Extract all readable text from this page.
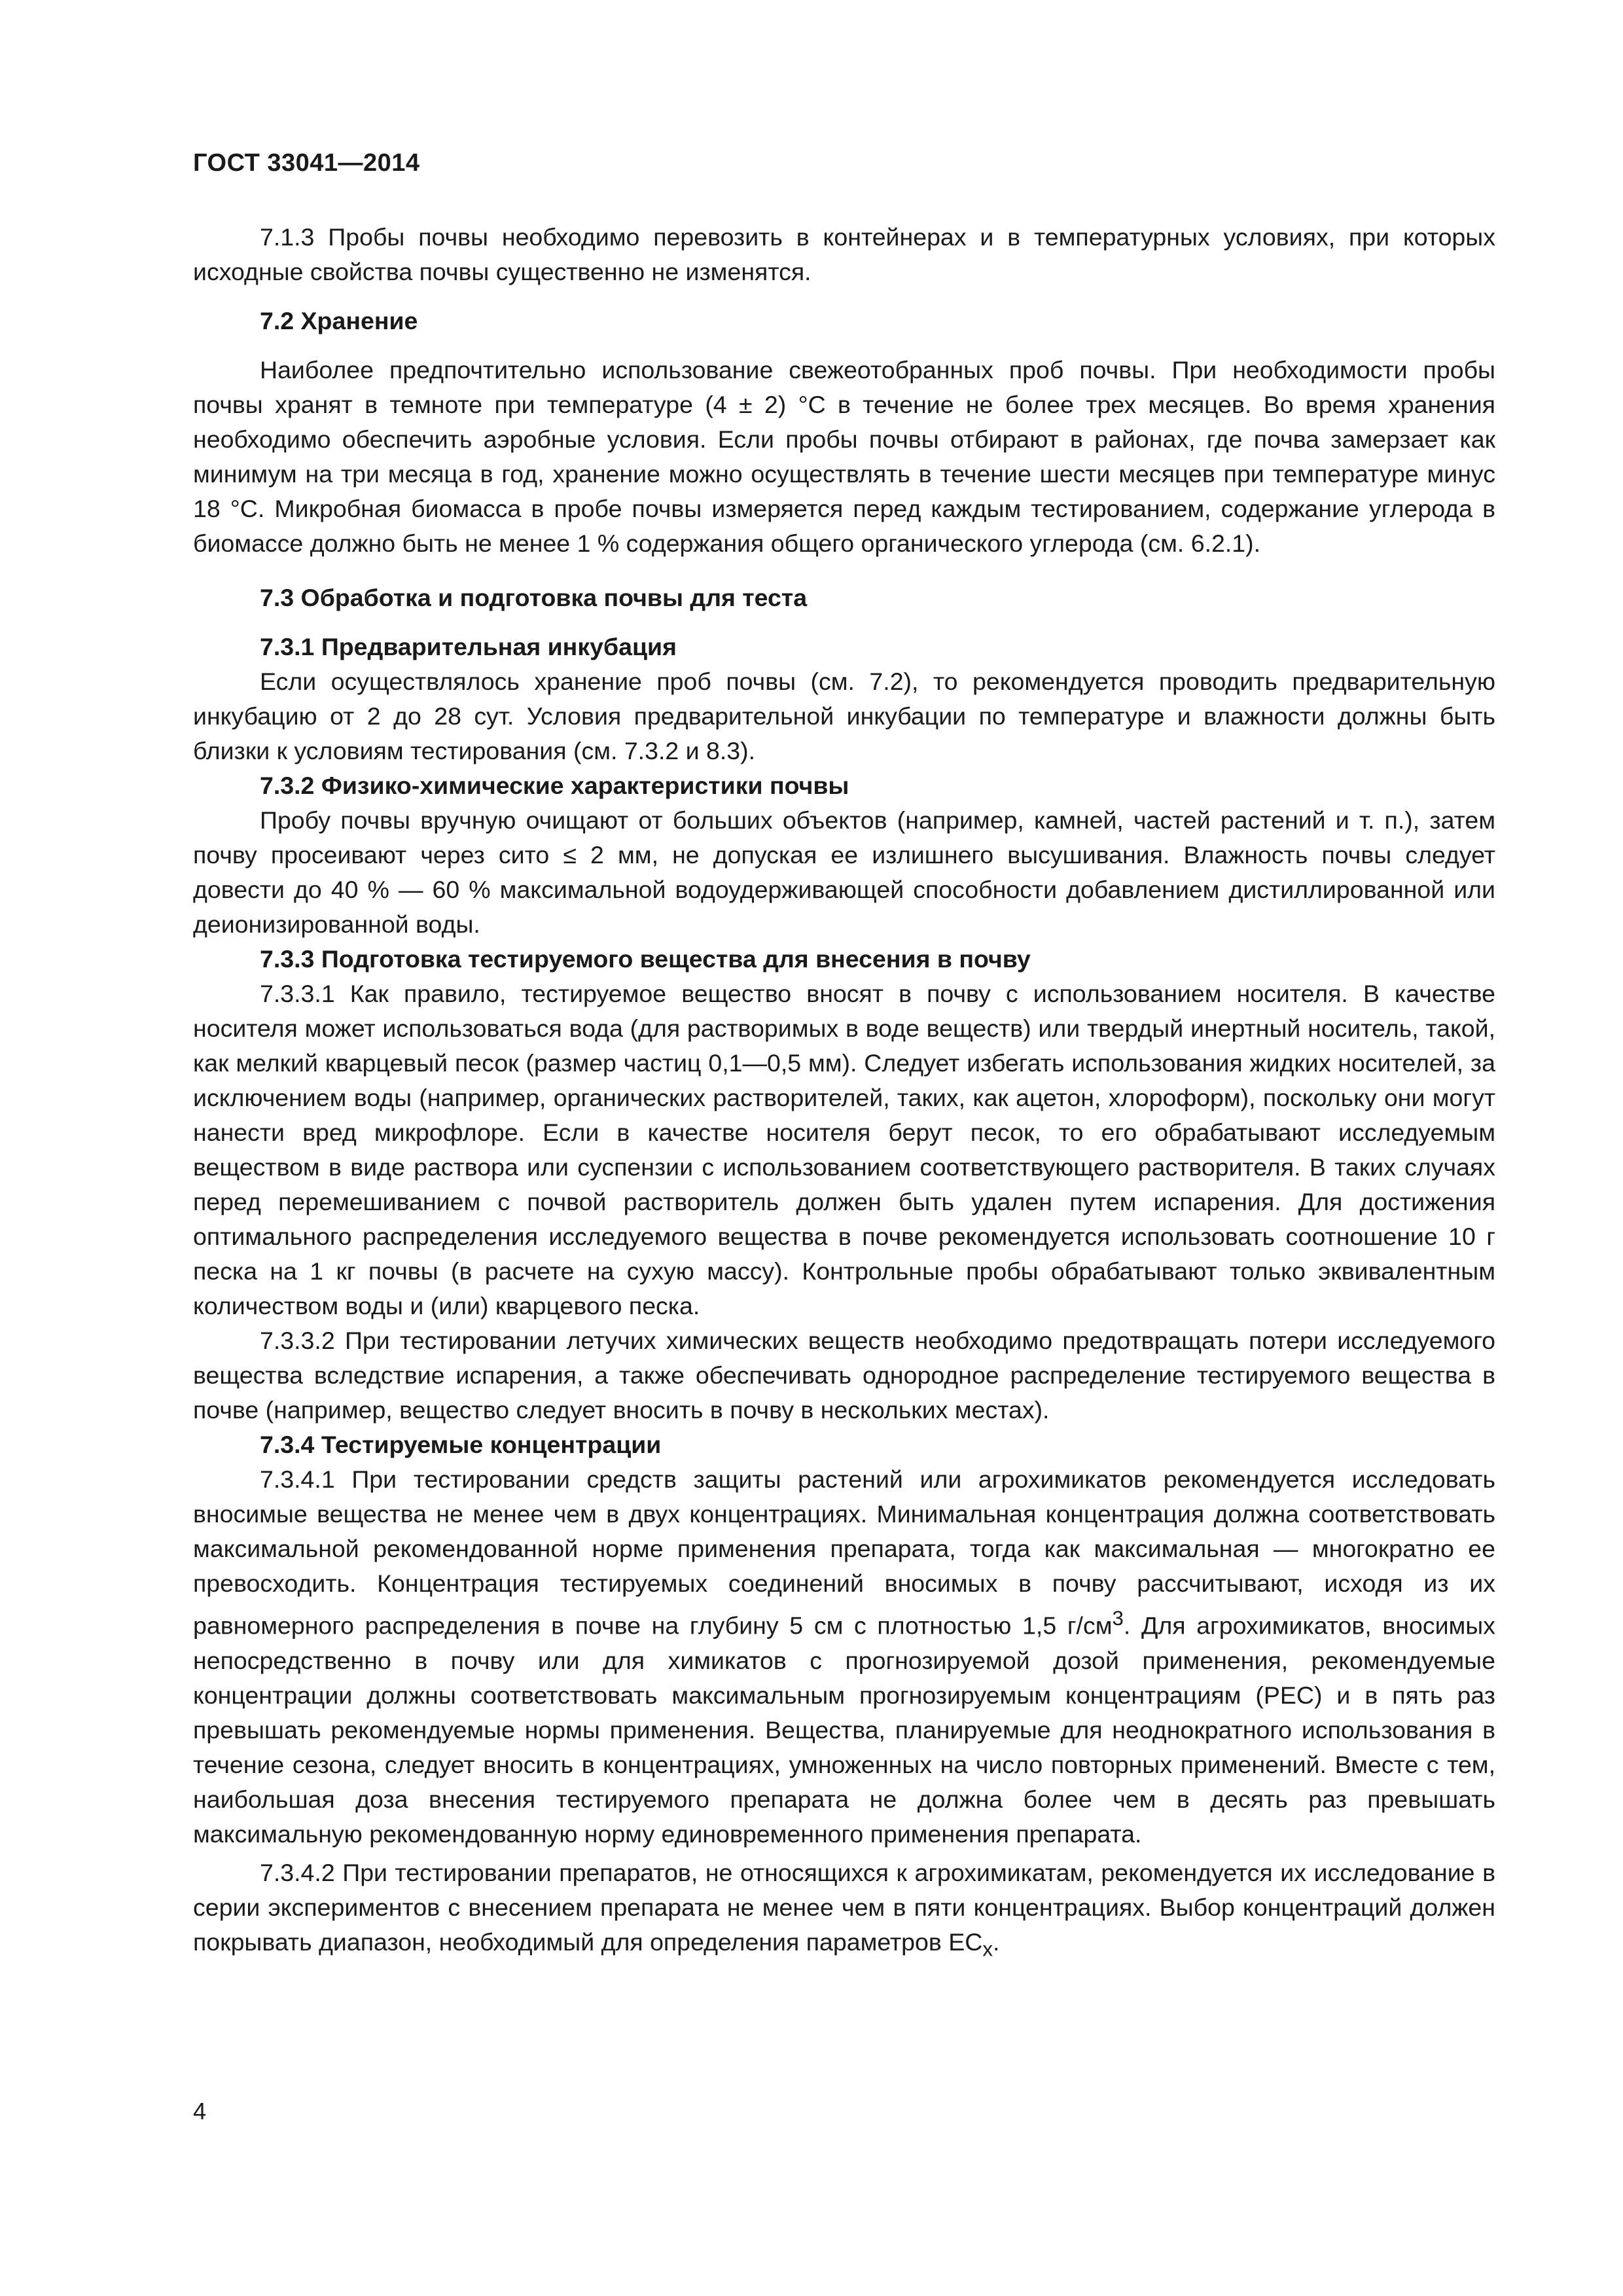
ГОСТ 33041—2014

7.1.3 Пробы почвы необходимо перевозить в контейнерах и в температурных условиях, при которых исходные свойства почвы существенно не изменятся.

7.2 Хранение

Наиболее предпочтительно использование свежеотобранных проб почвы. При необходимости пробы почвы хранят в темноте при температуре (4 ± 2) °С в течение не более трех месяцев. Во время хранения необходимо обеспечить аэробные условия. Если пробы почвы отбирают в районах, где почва замерзает как минимум на три месяца в год, хранение можно осуществлять в течение шести месяцев при температуре минус 18 °С. Микробная биомасса в пробе почвы измеряется перед каждым тестированием, содержание углерода в биомассе должно быть не менее 1 % содержания общего органического углерода (см. 6.2.1).

7.3 Обработка и подготовка почвы для теста

7.3.1 Предварительная инкубация

Если осуществлялось хранение проб почвы (см. 7.2), то рекомендуется проводить предварительную инкубацию от 2 до 28 сут. Условия предварительной инкубации по температуре и влажности должны быть близки к условиям тестирования (см. 7.3.2 и 8.3).

7.3.2 Физико-химические характеристики почвы

Пробу почвы вручную очищают от больших объектов (например, камней, частей растений и т. п.), затем почву просеивают через сито ≤ 2 мм, не допуская ее излишнего высушивания. Влажность почвы следует довести до 40 % — 60 % максимальной водоудерживающей способности добавлением дистиллированной или деионизированной воды.

7.3.3 Подготовка тестируемого вещества для внесения в почву

7.3.3.1 Как правило, тестируемое вещество вносят в почву с использованием носителя. В качестве носителя может использоваться вода (для растворимых в воде веществ) или твердый инертный носитель, такой, как мелкий кварцевый песок (размер частиц 0,1—0,5 мм). Следует избегать использования жидких носителей, за исключением воды (например, органических растворителей, таких, как ацетон, хлороформ), поскольку они могут нанести вред микрофлоре. Если в качестве носителя берут песок, то его обрабатывают исследуемым веществом в виде раствора или суспензии с использованием соответствующего растворителя. В таких случаях перед перемешиванием с почвой растворитель должен быть удален путем испарения. Для достижения оптимального распределения исследуемого вещества в почве рекомендуется использовать соотношение 10 г песка на 1 кг почвы (в расчете на сухую массу). Контрольные пробы обрабатывают только эквивалентным количеством воды и (или) кварцевого песка.

7.3.3.2 При тестировании летучих химических веществ необходимо предотвращать потери исследуемого вещества вследствие испарения, а также обеспечивать однородное распределение тестируемого вещества в почве (например, вещество следует вносить в почву в нескольких местах).

7.3.4 Тестируемые концентрации

7.3.4.1 При тестировании средств защиты растений или агрохимикатов рекомендуется исследовать вносимые вещества не менее чем в двух концентрациях. Минимальная концентрация должна соответствовать максимальной рекомендованной норме применения препарата, тогда как максимальная — многократно ее превосходить. Концентрация тестируемых соединений вносимых в почву рассчитывают, исходя из их равномерного распределения в почве на глубину 5 см с плотностью 1,5 $г/см^3$. Для агрохимикатов, вносимых непосредственно в почву или для химикатов с прогнозируемой дозой применения, рекомендуемые концентрации должны соответствовать максимальным прогнозируемым концентрациям (PEC) и в пять раз превышать рекомендуемые нормы применения. Вещества, планируемые для неоднократного использования в течение сезона, следует вносить в концентрациях, умноженных на число повторных применений. Вместе с тем, наибольшая доза внесения тестируемого препарата не должна более чем в десять раз превышать максимальную рекомендованную норму единовременного применения препарата.

7.3.4.2 При тестировании препаратов, не относящихся к агрохимикатам, рекомендуется их исследование в серии экспериментов с внесением препарата не менее чем в пяти концентрациях. Выбор концентраций должен покрывать диапазон, необходимый для определения параметров $EC_x$.

4
